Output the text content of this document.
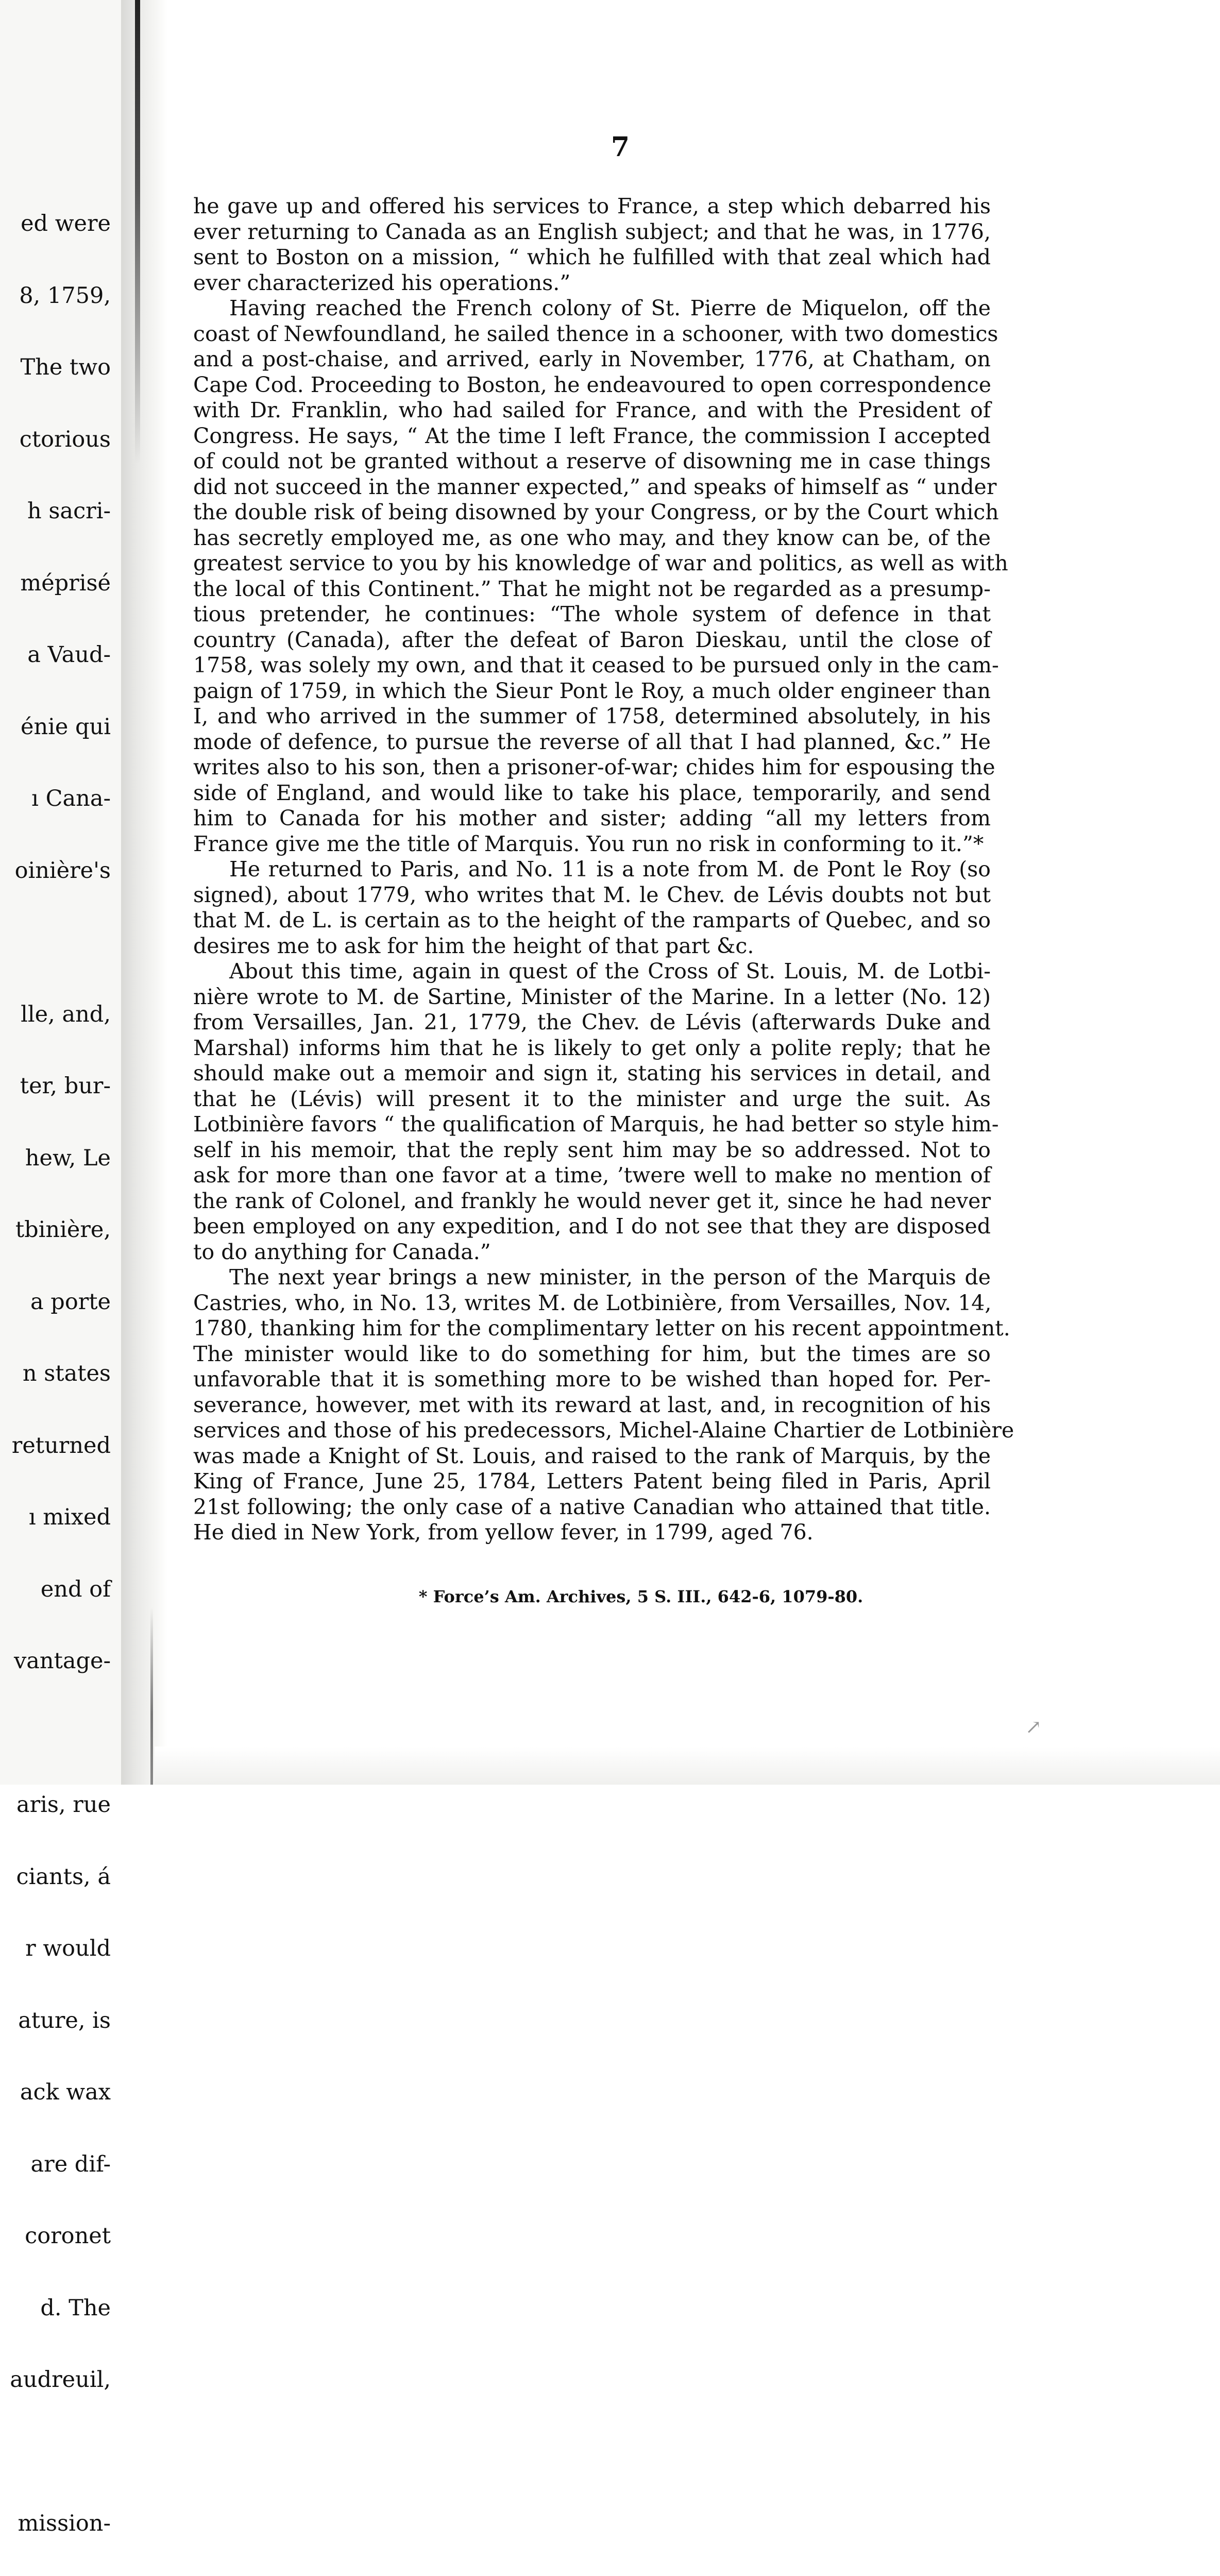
ed were

8, 1759,

The two

ctorious

h sacri-

méprisé

a Vaud-

énie qui

ı Cana-

oinière's

lle, and,

ter, bur-

hew, Le

tbinière,

a porte

n states

returned

ı mixed

end of

vantage-

aris, rue

ciants, á

r would

ature, is

ack wax

are dif-

coronet

d. The

audreuil,

mission-

7
he gave up and offered his services to France, a step which debarred his
ever returning to Canada as an English subject; and that he was, in 1776,
sent to Boston on a mission, “ which he fulfilled with that zeal which had
ever characterized his operations.”
Having reached the French colony of St. Pierre de Miquelon, off the
coast of Newfoundland, he sailed thence in a schooner, with two domestics
and a post-chaise, and arrived, early in November, 1776, at Chatham, on
Cape Cod. Proceeding to Boston, he endeavoured to open correspondence
with Dr. Franklin, who had sailed for France, and with the President of
Congress. He says, “ At the time I left France, the commission I accepted
of could not be granted without a reserve of disowning me in case things
did not succeed in the manner expected,” and speaks of himself as “ under
the double risk of being disowned by your Congress, or by the Court which
has secretly employed me, as one who may, and they know can be, of the
greatest service to you by his knowledge of war and politics, as well as with
the local of this Continent.” That he might not be regarded as a presump-
tious pretender, he continues: “The whole system of defence in that
country (Canada), after the defeat of Baron Dieskau, until the close of
1758, was solely my own, and that it ceased to be pursued only in the cam-
paign of 1759, in which the Sieur Pont le Roy, a much older engineer than
I, and who arrived in the summer of 1758, determined absolutely, in his
mode of defence, to pursue the reverse of all that I had planned, &c.” He
writes also to his son, then a prisoner-of-war; chides him for espousing the
side of England, and would like to take his place, temporarily, and send
him to Canada for his mother and sister; adding “all my letters from
France give me the title of Marquis. You run no risk in conforming to it.”*
He returned to Paris, and No. 11 is a note from M. de Pont le Roy (so
signed), about 1779, who writes that M. le Chev. de Lévis doubts not but
that M. de L. is certain as to the height of the ramparts of Quebec, and so
desires me to ask for him the height of that part &c.
About this time, again in quest of the Cross of St. Louis, M. de Lotbi-
nière wrote to M. de Sartine, Minister of the Marine. In a letter (No. 12)
from Versailles, Jan. 21, 1779, the Chev. de Lévis (afterwards Duke and
Marshal) informs him that he is likely to get only a polite reply; that he
should make out a memoir and sign it, stating his services in detail, and
that he (Lévis) will present it to the minister and urge the suit. As
Lotbinière favors “ the qualification of Marquis, he had better so style him-
self in his memoir, that the reply sent him may be so addressed. Not to
ask for more than one favor at a time, ’twere well to make no mention of
the rank of Colonel, and frankly he would never get it, since he had never
been employed on any expedition, and I do not see that they are disposed
to do anything for Canada.”
The next year brings a new minister, in the person of the Marquis de
Castries, who, in No. 13, writes M. de Lotbinière, from Versailles, Nov. 14,
1780, thanking him for the complimentary letter on his recent appointment.
The minister would like to do something for him, but the times are so
unfavorable that it is something more to be wished than hoped for. Per-
severance, however, met with its reward at last, and, in recognition of his
services and those of his predecessors, Michel-Alaine Chartier de Lotbinière
was made a Knight of St. Louis, and raised to the rank of Marquis, by the
King of France, June 25, 1784, Letters Patent being filed in Paris, April
21st following; the only case of a native Canadian who attained that title.
He died in New York, from yellow fever, in 1799, aged 76.
* Force’s Am. Archives, 5 S. III., 642-6, 1079-80.
↗
